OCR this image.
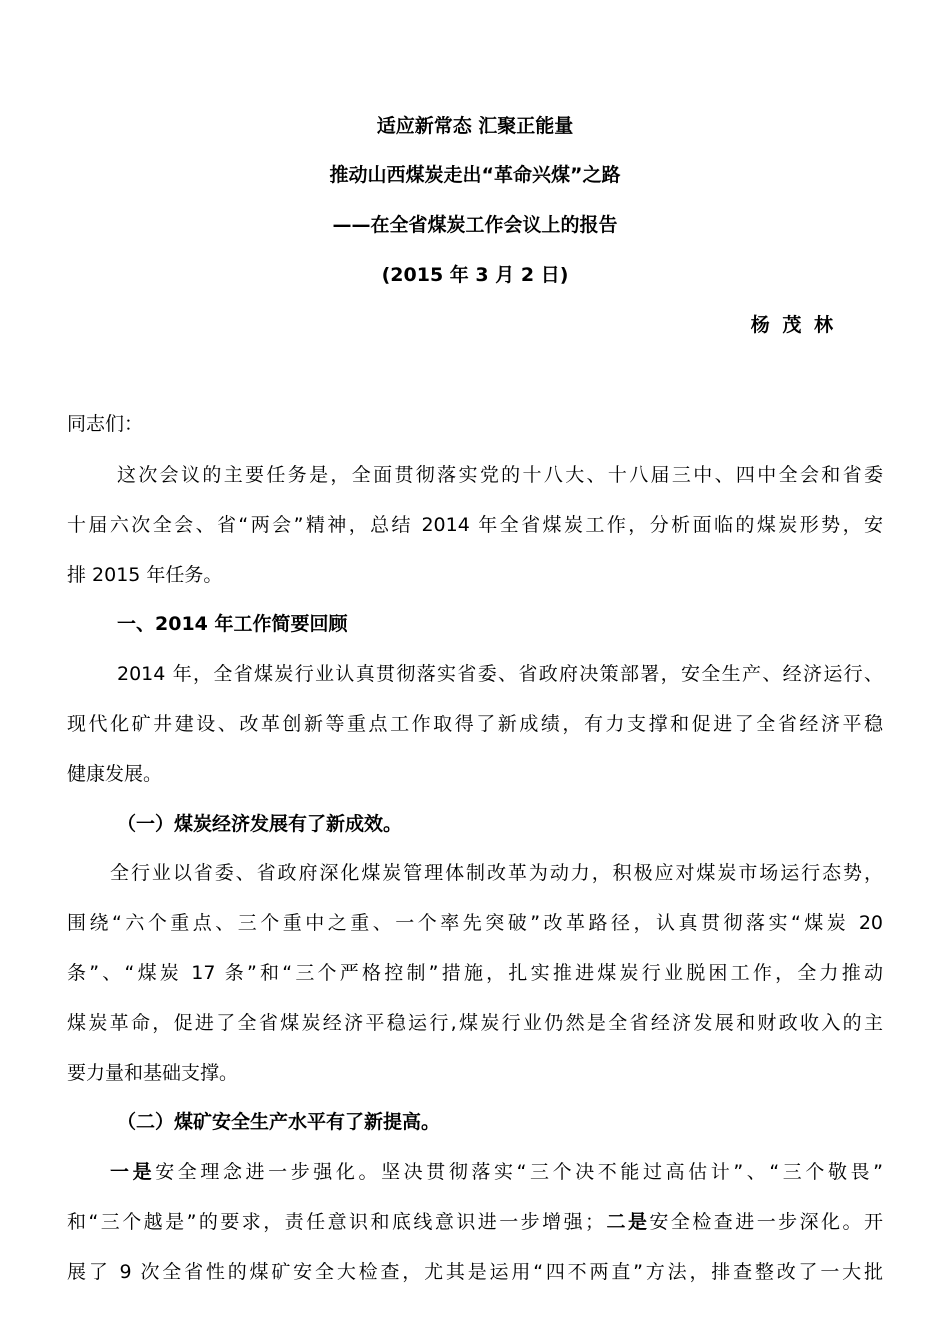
适应新常态 汇聚正能量
推动山西煤炭走出“革命兴煤”之路
——在全省煤炭工作会议上的报告
(2015 年 3 月 2 日)
杨 茂 林
同志们：
这次会议的主要任务是，全面贯彻落实党的十八大、十八届三中、四中全会和省委
十届六次全会、省“两会”精神，总结 2014 年全省煤炭工作，分析面临的煤炭形势，安
排 2015 年任务。
一、2014 年工作简要回顾
2014 年，全省煤炭行业认真贯彻落实省委、省政府决策部署，安全生产、经济运行、
现代化矿井建设、改革创新等重点工作取得了新成绩，有力支撑和促进了全省经济平稳
健康发展。
（一）煤炭经济发展有了新成效。
全行业以省委、省政府深化煤炭管理体制改革为动力，积极应对煤炭市场运行态势，
围绕“六个重点、三个重中之重、一个率先突破”改革路径，认真贯彻落实“煤炭 20
条”、“煤炭 17 条”和“三个严格控制”措施，扎实推进煤炭行业脱困工作，全力推动
煤炭革命，促进了全省煤炭经济平稳运行,煤炭行业仍然是全省经济发展和财政收入的主
要力量和基础支撑。
（二）煤矿安全生产水平有了新提高。
一是安全理念进一步强化。坚决贯彻落实“三个决不能过高估计”、“三个敬畏”
和“三个越是”的要求，责任意识和底线意识进一步增强；二是安全检查进一步深化。开
展了 9 次全省性的煤矿安全大检查，尤其是运用“四不两直”方法，排查整改了一大批
